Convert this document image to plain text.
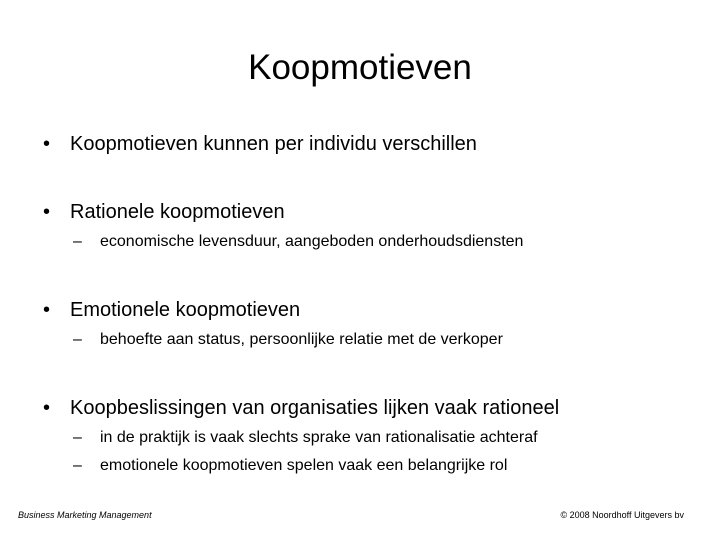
Koopmotieven
• Koopmotieven kunnen per individu verschillen
• Rationele koopmotieven
– economische levensduur, aangeboden onderhoudsdiensten
• Emotionele koopmotieven
– behoefte aan status, persoonlijke relatie met de verkoper
• Koopbeslissingen van organisaties lijken vaak rationeel
– in de praktijk is vaak slechts sprake van rationalisatie achteraf
– emotionele koopmotieven spelen vaak een belangrijke rol
Business Marketing Management	© 2008 Noordhoff Uitgevers bv
